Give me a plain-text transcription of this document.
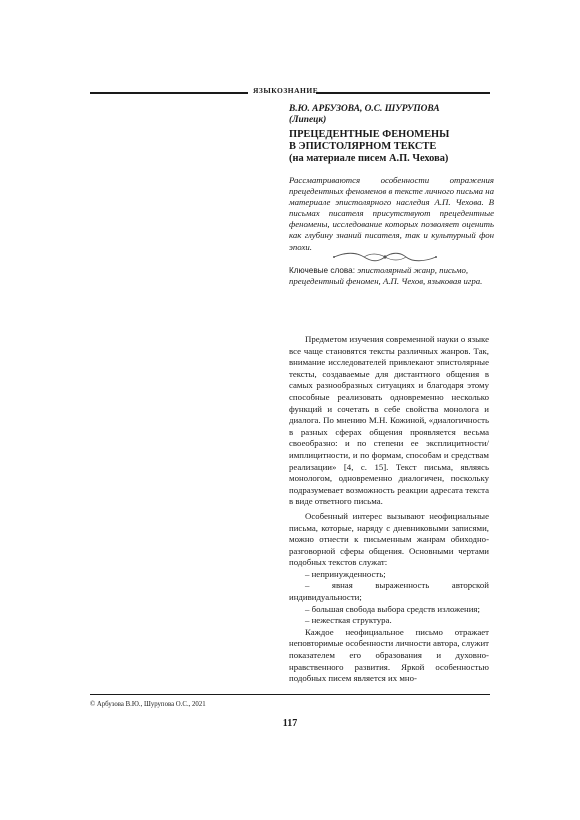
ЯЗЫКОЗНАНИЕ
В.Ю. АРБУЗОВА, О.С. ШУРУПОВА
(Липецк)
ПРЕЦЕДЕНТНЫЕ ФЕНОМЕНЫ
В ЭПИСТОЛЯРНОМ ТЕКСТЕ
(на материале писем А.П. Чехова)
Рассматриваются особенности отражения прецедентных феноменов в тексте личного письма на материале эпистолярного наследия А.П. Чехова. В письмах писателя присутствуют прецедентные феномены, исследование которых позволяет оценить как глубину знаний писателя, так и культурный фон эпохи.
Ключевые слова: эпистолярный жанр, письмо, прецедентный феномен, А.П. Чехов, языковая игра.

Предметом изучения современной науки о языке все чаще становятся тексты различных жанров. Так, внимание исследователей привлекают эпистолярные тексты, создаваемые для дистантного общения в самых разнообразных ситуациях и благодаря этому способные реализовать одновременно несколько функций и сочетать в себе свойства монолога и диалога. По мнению М.Н. Кожиной, «диалогичность в разных сферах общения проявляется весьма своеобразно: и по степени ее эксплицитности/имплицитности, и по формам, способам и средствам реализации» [4, с. 15]. Текст письма, являясь монологом, одновременно диалогичен, поскольку подразумевает возможность реакции адресата текста в виде ответного письма.

Особенный интерес вызывают неофициальные письма, которые, наряду с дневниковыми записями, можно отнести к письменным жанрам обиходно-разговорной сферы общения. Основными чертами подобных текстов служат:

– непринужденность;
– явная выраженность авторской индивидуальности;
– большая свобода выбора средств изложения;
– нежесткая структура.

Каждое неофициальное письмо отражает неповторимые особенности личности автора, служит показателем его образования и духовно-нравственного развития. Яркой особенностью подобных писем является их мно-

© Арбузова В.Ю., Шурупова О.С., 2021
117
